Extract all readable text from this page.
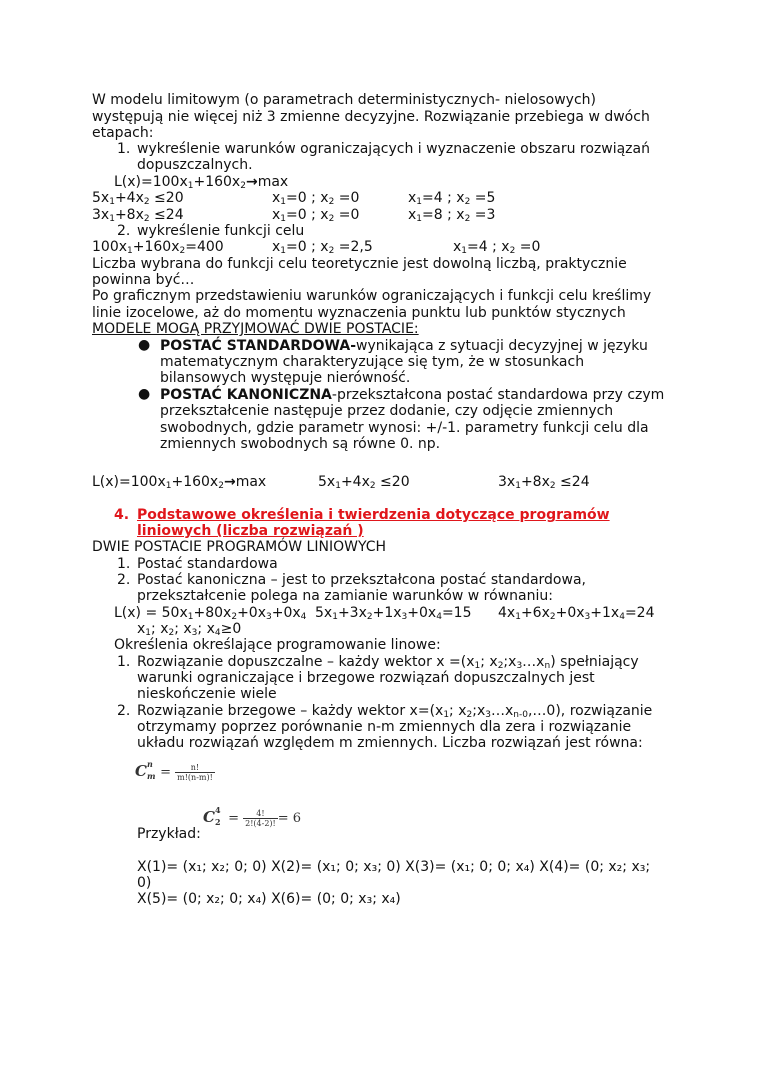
W modelu limitowym (o parametrach deterministycznych- nielosowych)
występują nie więcej niż 3 zmienne decyzyjne. Rozwiązanie przebiega w dwóch
etapach:
1. wykreślenie warunków ograniczających i wyznaczenie obszaru rozwiązań
dopuszczalnych.
$L(x)=100x_1+160x_2\to\max$
$5x_1+4x_2 \le 20$	$x_1=0$ ; $x_2 =0$	$x_1=4$ ; $x_2 =5$
$3x_1+8x_2 \le 24$	$x_1=0$ ; $x_2 =0$	$x_1=8$ ; $x_2 =3$
2. wykreślenie funkcji celu
$100x_1+160x_2=400$	$x_1=0$ ; $x_2 =2,5$	$x_1=4$ ; $x_2 =0$
Liczba wybrana do funkcji celu teoretycznie jest dowolną liczbą, praktycznie
powinna być…
Po graficznym przedstawieniu warunków ograniczających i funkcji celu kreślimy
linie izocelowe, aż do momentu wyznaczenia punktu lub punktów stycznych
MODELE MOGĄ PRZYJMOWAĆ DWIE POSTACIE:
● POSTAĆ STANDARDOWA-wynikająca z sytuacji decyzyjnej w języku
matematycznym charakteryzujące się tym, że w stosunkach
bilansowych występuje nierówność.
● POSTAĆ KANONICZNA-przekształcona postać standardowa przy czym
przekształcenie następuje przez dodanie, czy odjęcie zmiennych
swobodnych, gdzie parametr wynosi: +/-1. parametry funkcji celu dla
zmiennych swobodnych są równe 0. np.
$L(x)=100x_1+160x_2\to\max$	$5x_1+4x_2 \le 20$	$3x_1+8x_2 \le 24$
4. Podstawowe określenia i twierdzenia dotyczące programów
liniowych (liczba rozwiązań )
DWIE POSTACIE PROGRAMÓW LINIOWYCH
1. Postać standardowa
2. Postać kanoniczna – jest to przekształcona postać standardowa,
przekształcenie polega na zamianie warunków w równaniu:
$L(x) = 50x_1+80x_2+0x_3+0x_4$ $5x_1+3x_2+1x_3+0x_4=15$ $4x_1+6x_2+0x_3+1x_4=24$
$x_1$; $x_2$; $x_3$; $x_4\ge 0$
Określenia określające programowanie linowe:
1. Rozwiązanie dopuszczalne – każdy wektor $x =(x_1$; $x_2;x_3\dots x_n$) spełniający
warunki ograniczające i brzegowe rozwiązań dopuszczalnych jest
nieskończenie wiele
2. Rozwiązanie brzegowe – każdy wektor $x=(x_1$; $x_2;x_3\dots x_{n-0},\dots 0$), rozwiązanie
otrzymamy poprzez porównanie n-m zmiennych dla zera i rozwiązanie
układu rozwiązań względem m zmiennych. Liczba rozwiązań jest równa:
C n
$m = \frac{n!}{m!(n-m)!}$
Przykład:
C 4
$2 = \frac{4!}{2!(4-2)!} = 6$
X(1)= (x₁; x₂; 0; 0) X(2)= (x₁; 0; x₃; 0) X(3)= (x₁; 0; 0; x₄) X(4)= (0; x₂; x₃;
0)
X(5)= (0; x₂; 0; x₄) X(6)= (0; 0; x₃; x₄)
